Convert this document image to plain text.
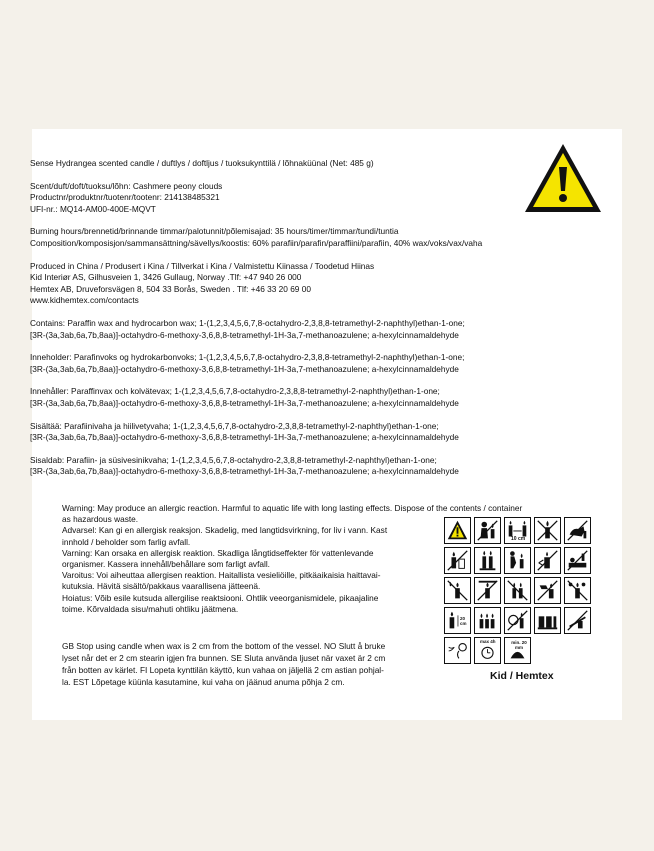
Sense Hydrangea scented candle / duftlys / doftljus / tuoksukynttilä / lõhnaküünal (Net: 485 g)
Scent/duft/doft/tuoksu/lõhn: Cashmere peony clouds
Productnr/produktnr/tuotenr/tootenr: 214138485321
UFI-nr.: MQ14-AM00-400E-MQVT
Burning hours/brennetid/brinnande timmar/palotunnit/põlemisajad: 35 hours/timer/timmar/tundi/tuntia
Composition/komposisjon/sammansättning/sävellys/koostis: 60% parafiin/parafin/paraffiini/parafiin, 40% wax/voks/vax/vaha
Produced in China / Produsert i Kina / Tillverkat i Kina / Valmistettu Kiinassa / Toodetud Hiinas
Kid Interiør AS, Gilhusveien 1, 3426 Gullaug, Norway .Tlf: +47 940 26 000
Hemtex AB, Druveforsvägen 8, 504 33 Borås, Sweden . Tlf: +46 33 20 69 00
www.kidhemtex.com/contacts
Contains: Paraffin wax and hydrocarbon wax; 1-(1,2,3,4,5,6,7,8-octahydro-2,3,8,8-tetramethyl-2-naphthyl)ethan-1-one;
[3R-(3a,3ab,6a,7b,8aa)]-octahydro-6-methoxy-3,6,8,8-tetramethyl-1H-3a,7-methanoazulene; a-hexylcinnamaldehyde
Inneholder: Parafinvoks og hydrokarbonvoks; 1-(1,2,3,4,5,6,7,8-octahydro-2,3,8,8-tetramethyl-2-naphthyl)ethan-1-one;
[3R-(3a,3ab,6a,7b,8aa)]-octahydro-6-methoxy-3,6,8,8-tetramethyl-1H-3a,7-methanoazulene; a-hexylcinnamaldehyde
Innehåller: Paraffinvax och kolvätevax; 1-(1,2,3,4,5,6,7,8-octahydro-2,3,8,8-tetramethyl-2-naphthyl)ethan-1-one;
[3R-(3a,3ab,6a,7b,8aa)]-octahydro-6-methoxy-3,6,8,8-tetramethyl-1H-3a,7-methanoazulene; a-hexylcinnamaldehyde
Sisältää: Parafiinivaha ja hiilivetyvaha; 1-(1,2,3,4,5,6,7,8-octahydro-2,3,8,8-tetramethyl-2-naphthyl)ethan-1-one;
[3R-(3a,3ab,6a,7b,8aa)]-octahydro-6-methoxy-3,6,8,8-tetramethyl-1H-3a,7-methanoazulene; a-hexylcinnamaldehyde
Sisaldab: Parafiin- ja süsivesinikvaha; 1-(1,2,3,4,5,6,7,8-octahydro-2,3,8,8-tetramethyl-2-naphthyl)ethan-1-one;
[3R-(3a,3ab,6a,7b,8aa)]-octahydro-6-methoxy-3,6,8,8-tetramethyl-1H-3a,7-methanoazulene; a-hexylcinnamaldehyde
Warning: May produce an allergic reaction. Harmful to aquatic life with long lasting effects. Dispose of the contents / container
as hazardous waste.
Advarsel: Kan gi en allergisk reaksjon. Skadelig, med langtidsvirkning, for liv i vann. Kast
innhold / beholder som farlig avfall.
Varning: Kan orsaka en allergisk reaktion. Skadliga långtidseffekter för vattenlevande
organismer. Kassera innehåll/behållare som farligt avfall.
Varoitus: Voi aiheuttaa allergisen reaktion. Haitallista vesieliöille, pitkäaikaisia haittavai-
kutuksia. Hävitä sisältö/pakkaus vaarallisena jätteenä.
Hoiatus: Võib esile kutsuda allergilise reaktsiooni. Ohtlik veeorganismidele, pikaajaline
toime. Kõrvaldada sisu/mahuti ohtliku jäätmena.
GB Stop using candle when wax is 2 cm from the bottom of the vessel. NO Slutt å bruke
lyset når det er 2 cm stearin igjen fra bunnen. SE Sluta använda ljuset när vaxet är 2 cm
från botten av kärlet. FI Lopeta kynttilän käyttö, kun vahaa on jäljellä 2 cm astian pohjal-
la. EST Lõpetage küünla kasutamine, kui vaha on jäänud anuma põhja 2 cm.
10 cm
20 cm
max 4h	min. 20 mm
Kid / Hemtex
